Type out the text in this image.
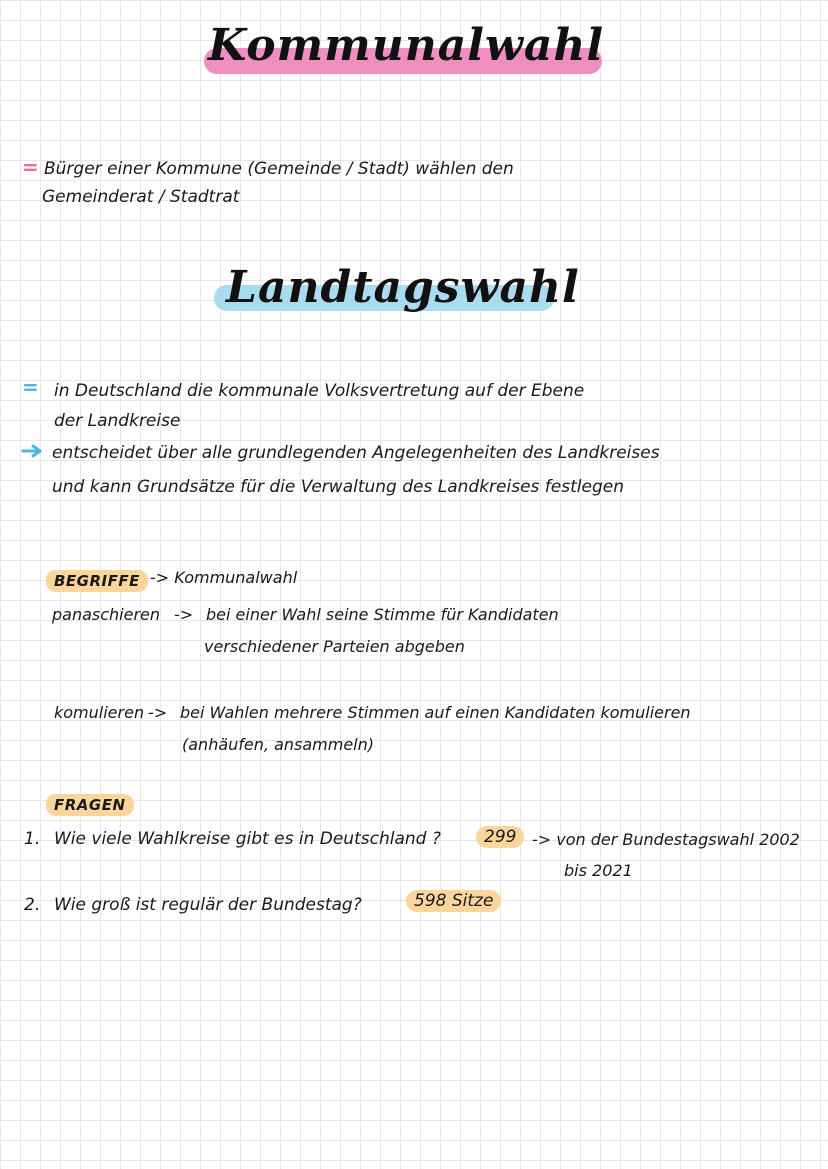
Kommunalwahl
= Bürger einer Kommune (Gemeinde / Stadt) wählen den
Gemeinderat / Stadtrat
Landtagswahl
= in Deutschland die kommunale Volksvertretung auf der Ebene
der Landkreise
entscheidet über alle grundlegenden Angelegenheiten des Landkreises
und kann Grundsätze für die Verwaltung des Landkreises festlegen
BEGRIFFE -> Kommunalwahl
panaschieren -> bei einer Wahl seine Stimme für Kandidaten
verschiedener Parteien abgeben
komulieren -> bei Wahlen mehrere Stimmen auf einen Kandidaten komulieren
(anhäufen, ansammeln)
FRAGEN
1. Wie viele Wahlkreise gibt es in Deutschland ?	299 -> von der Bundestagswahl 2002
bis 2021
2. Wie groß ist regulär der Bundestag?	598 Sitze
